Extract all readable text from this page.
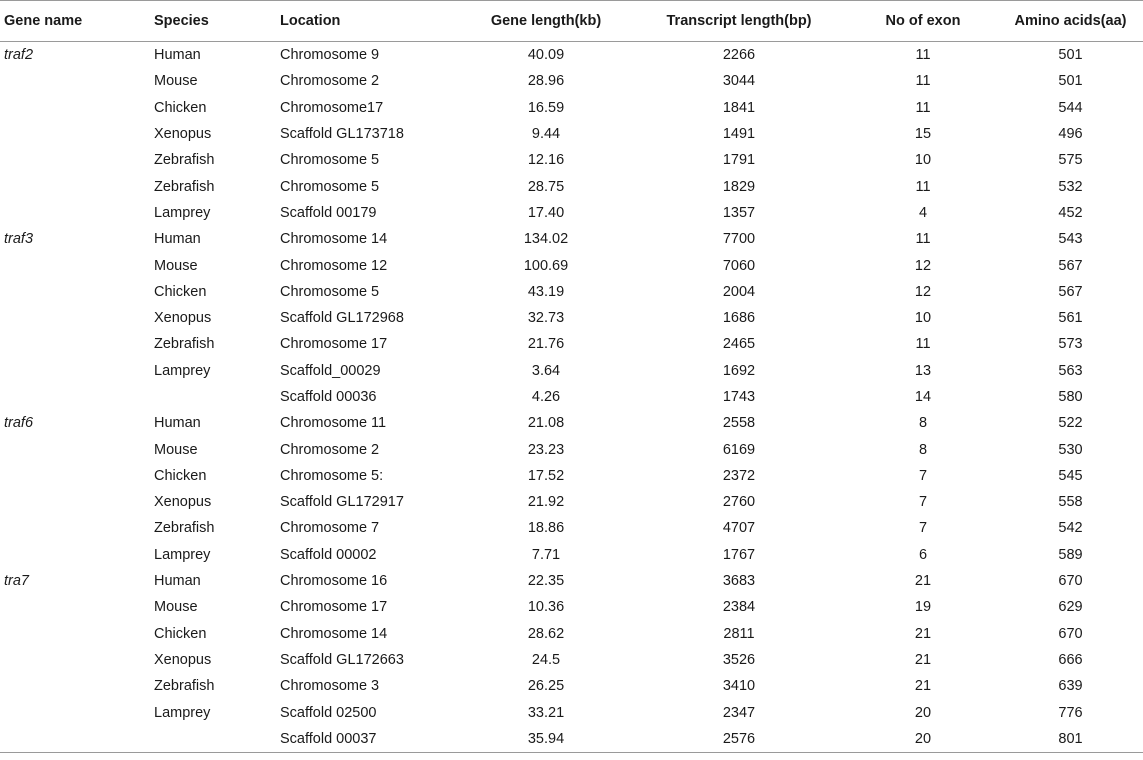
Gene name	Species	Location	Gene length(kb)	Transcript length(bp)	No of exon	Amino acids(aa)
traf2	Human	Chromosome 9	40.09	2266	11	501
	Mouse	Chromosome 2	28.96	3044	11	501
	Chicken	Chromosome17	16.59	1841	11	544
	Xenopus	Scaffold GL173718	9.44	1491	15	496
	Zebrafish	Chromosome 5	12.16	1791	10	575
	Zebrafish	Chromosome 5	28.75	1829	11	532
	Lamprey	Scaffold 00179	17.40	1357	4	452
traf3	Human	Chromosome 14	134.02	7700	11	543
	Mouse	Chromosome 12	100.69	7060	12	567
	Chicken	Chromosome 5	43.19	2004	12	567
	Xenopus	Scaffold GL172968	32.73	1686	10	561
	Zebrafish	Chromosome 17	21.76	2465	11	573
	Lamprey	Scaffold_00029	3.64	1692	13	563
		Scaffold 00036	4.26	1743	14	580
traf6	Human	Chromosome 11	21.08	2558	8	522
	Mouse	Chromosome 2	23.23	6169	8	530
	Chicken	Chromosome 5:	17.52	2372	7	545
	Xenopus	Scaffold GL172917	21.92	2760	7	558
	Zebrafish	Chromosome 7	18.86	4707	7	542
	Lamprey	Scaffold 00002	7.71	1767	6	589
tra7	Human	Chromosome 16	22.35	3683	21	670
	Mouse	Chromosome 17	10.36	2384	19	629
	Chicken	Chromosome 14	28.62	2811	21	670
	Xenopus	Scaffold GL172663	24.5	3526	21	666
	Zebrafish	Chromosome 3	26.25	3410	21	639
	Lamprey	Scaffold 02500	33.21	2347	20	776
		Scaffold 00037	35.94	2576	20	801
